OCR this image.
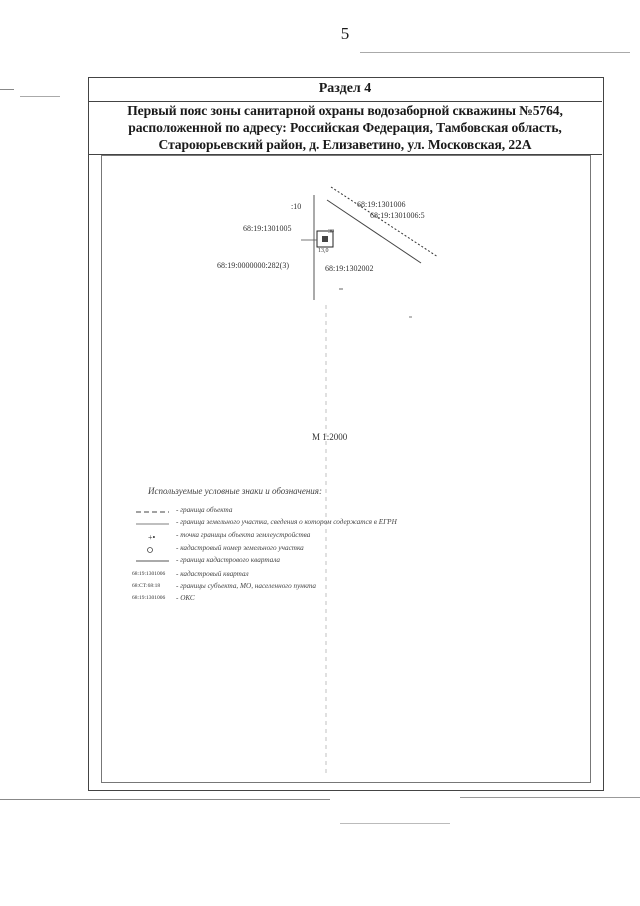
5
Раздел 4
Первый пояс зоны санитарной охраны водозаборной скважины №5764,
расположенной по адресу: Российская Федерация, Тамбовская область,
Староюрьевский район, д. Елизаветино, ул. Московская, 22А
+•
:10
68:19:1301005
68:19:0000000:282(3)
68:19:1301006
68:19:1301006:5
68:19:1302002
30
13,0
М 1:2000
Используемые условные знаки и обозначения:
- граница объекта
- граница земельного участка, сведения о котором содержатся в ЕГРН
- точка границы объекта землеустройства
- кадастровый номер земельного участка
- граница кадастрового квартала
68:19:1301006	- кадастровый квартал
68:СТ:68:18	- границы субъекта, МО, населенного пункта
68:19:1301006	- ОКС
